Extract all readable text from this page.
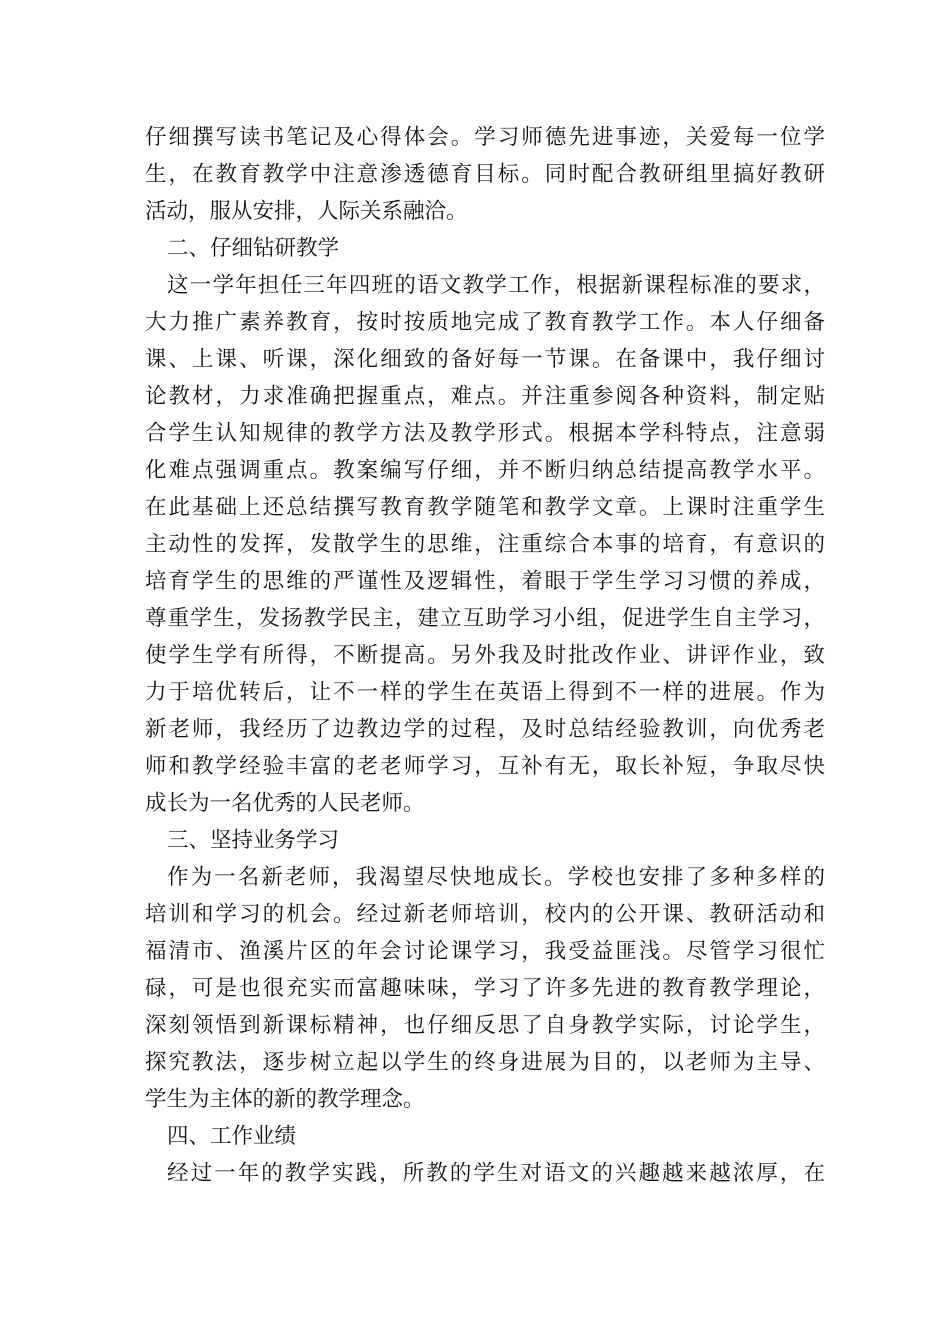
仔细撰写读书笔记及心得体会。学习师德先进事迹，关爱每一位学
生，在教育教学中注意渗透德育目标。同时配合教研组里搞好教研
活动，服从安排，人际关系融洽。
二、仔细钻研教学
这一学年担任三年四班的语文教学工作，根据新课程标准的要求，
大力推广素养教育，按时按质地完成了教育教学工作。本人仔细备
课、上课、听课，深化细致的备好每一节课。在备课中，我仔细讨
论教材，力求准确把握重点，难点。并注重参阅各种资料，制定贴
合学生认知规律的教学方法及教学形式。根据本学科特点，注意弱
化难点强调重点。教案编写仔细，并不断归纳总结提高教学水平。
在此基础上还总结撰写教育教学随笔和教学文章。上课时注重学生
主动性的发挥，发散学生的思维，注重综合本事的培育，有意识的
培育学生的思维的严谨性及逻辑性，着眼于学生学习习惯的养成，
尊重学生，发扬教学民主，建立互助学习小组，促进学生自主学习，
使学生学有所得，不断提高。另外我及时批改作业、讲评作业，致
力于培优转后，让不一样的学生在英语上得到不一样的进展。作为
新老师，我经历了边教边学的过程，及时总结经验教训，向优秀老
师和教学经验丰富的老老师学习，互补有无，取长补短，争取尽快
成长为一名优秀的人民老师。
三、坚持业务学习
作为一名新老师，我渴望尽快地成长。学校也安排了多种多样的
培训和学习的机会。经过新老师培训，校内的公开课、教研活动和
福清市、渔溪片区的年会讨论课学习，我受益匪浅。尽管学习很忙
碌，可是也很充实而富趣味味，学习了许多先进的教育教学理论，
深刻领悟到新课标精神，也仔细反思了自身教学实际，讨论学生，
探究教法，逐步树立起以学生的终身进展为目的，以老师为主导、
学生为主体的新的教学理念。
四、工作业绩
经过一年的教学实践，所教的学生对语文的兴趣越来越浓厚，在
